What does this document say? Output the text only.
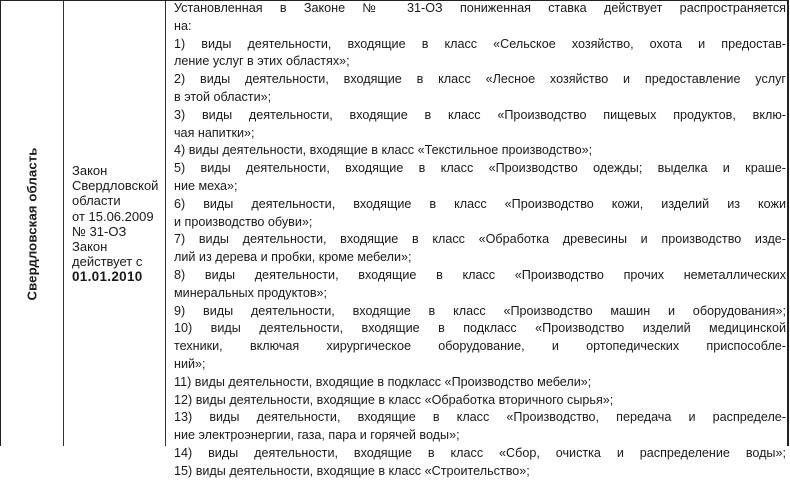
Свердловская область	Закон
Свердловской
области
от 15.06.2009
№ 31-ОЗ
Закон
действует с
01.01.2010
Установленная в Законе № 31-ОЗ пониженная ставка действует распространяется
на:
1) виды деятельности, входящие в класс «Сельское хозяйство, охота и предостав-
ление услуг в этих областях»;
2) виды деятельности, входящие в класс «Лесное хозяйство и предоставление услуг
в этой области»;
3) виды деятельности, входящие в класс «Производство пищевых продуктов, вклю-
чая напитки»;
4) виды деятельности, входящие в класс «Текстильное производство»;
5) виды деятельности, входящие в класс «Производство одежды; выделка и краше-
ние меха»;
6) виды деятельности, входящие в класс «Производство кожи, изделий из кожи
и производство обуви»;
7) виды деятельности, входящие в класс «Обработка древесины и производство изде-
лий из дерева и пробки, кроме мебели»;
8) виды деятельности, входящие в класс «Производство прочих неметаллических
минеральных продуктов»;
9) виды деятельности, входящие в класс «Производство машин и оборудования»;
10) виды деятельности, входящие в подкласс «Производство изделий медицинской
техники, включая хирургическое оборудование, и ортопедических приспособле-
ний»;
11) виды деятельности, входящие в подкласс «Производство мебели»;
12) виды деятельности, входящие в класс «Обработка вторичного сырья»;
13) виды деятельности, входящие в класс «Производство, передача и распределе-
ние электроэнергии, газа, пара и горячей воды»;
14) виды деятельности, входящие в класс «Сбор, очистка и распределение воды»;
15) виды деятельности, входящие в класс «Строительство»;
